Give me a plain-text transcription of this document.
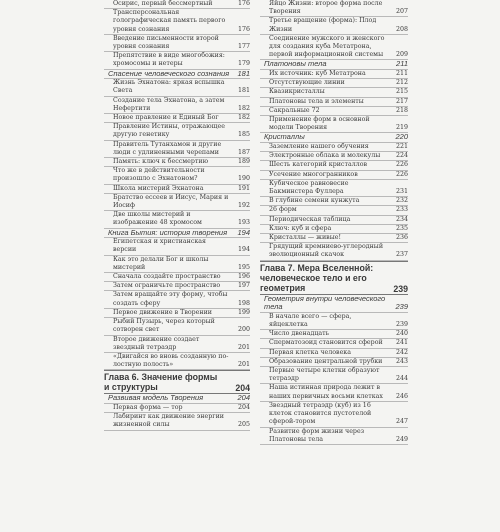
Осирис, первый бессмертный	176
Трансперсональная голографическая память первого уровня сознания	176
Введение письменности второй уровня сознания	177
Препятствие в виде многобожия: хромосомы и нетеры	179
Спасение человеческого сознания	181
Жизнь Эхнатона: яркая вспышка Света	181
Создание тела Эхнатона, а затем Нефертити	182
Новое правление и Единый Бог	182
Правление Истины, отражающее другую генетику	185
Правитель Тутанхамон и другие люди с удлиненными черепами	187
Память: ключ к бессмертию	189
Что же в действительности произошло с Эхнатоном?	190
Школа мистерий Эхнатона	191
Братство ессеев и Иисус, Мария и Иосиф	192
Две школы мистерий и изображение 48 хромосом	193
Книга Бытия: история творения	194
Египетская и христианская версии	194
Как это делали Бог и школы мистерий	195
Сначала создайте пространство	196
Затем ограничьте пространство	197
Затем вращайте эту форму, чтобы создать сферу	198
Первое движение в Творении	199
Рыбий Пузырь, через который сотворен свет	200
Второе движение создает звездный тетраэдр	201
«Двигайся во вновь созданную по-лостную полость»	201
Глава 6. Значение формы и структуры	204
Развивая модель Творения	204
Первая форма — тор	204
Лабиринт как движение энергии жизненной силы	205
Яйцо Жизни: второе форма после Творения	207
Третье вращение (форма): Плод Жизни	208
Соединение мужского и женского для создания куба Метатрона, первой информационной системы	209
Платоновы тела	211
Их источник: куб Метатрона	211
Отсутствующие линии	212
Квазикристаллы	215
Платоновы тела и элементы	217
Сакральные 72	218
Применение форм в основной модели Творения	219
Кристаллы	220
Заземление нашего обучения	221
Электронные облака и молекулы	224
Шесть категорий кристаллов	226
Усечение многогранников	226
Кубическое равновесие Бакминстера Фуллера	231
В глубине семени кунжута	232
26 форм	233
Периодическая таблица	234
Ключ: куб и сфера	235
Кристаллы — живые!	236
Грядущий кремниево-углеродный эволюционный скачок	237
Глава 7. Мера Вселенной: человеческое тело и его геометрия	239
Геометрия внутри человеческого тела	239
В начале всего — сфера, яйцеклетка	239
Число двенадцать	240
Сперматозоид становится сферой	241
Первая клетка человека	242
Образование центральной трубки	243
Первые четыре клетки образуют тетраэдр	244
Наша истинная природа лежит в наших первичных восьми клетках	246
Звездный тетраэдр (куб) из 16 клеток становится пустотелой сферой-тором	247
Развитие форм жизни через Платоновы тела	249
